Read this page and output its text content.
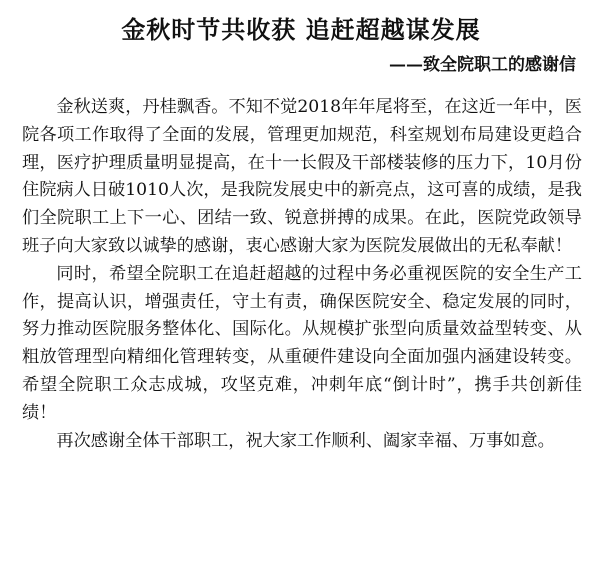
金秋时节共收获 追赶超越谋发展
——致全院职工的感谢信

金秋送爽，丹桂飘香。不知不觉2018年年尾将至，在这近一年中，医院各项工作取得了全面的发展，管理更加规范，科室规划布局建设更趋合理，医疗护理质量明显提高，在十一长假及干部楼装修的压力下，10月份住院病人日破1010人次，是我院发展史中的新亮点，这可喜的成绩，是我们全院职工上下一心、团结一致、锐意拼搏的成果。在此，医院党政领导班子向大家致以诚挚的感谢，衷心感谢大家为医院发展做出的无私奉献！

同时，希望全院职工在追赶超越的过程中务必重视医院的安全生产工作，提高认识，增强责任，守土有责，确保医院安全、稳定发展的同时，努力推动医院服务整体化、国际化。从规模扩张型向质量效益型转变、从粗放管理型向精细化管理转变，从重硬件建设向全面加强内涵建设转变。希望全院职工众志成城，攻坚克难，冲刺年底“倒计时”，携手共创新佳绩！

再次感谢全体干部职工，祝大家工作顺利、阖家幸福、万事如意。
